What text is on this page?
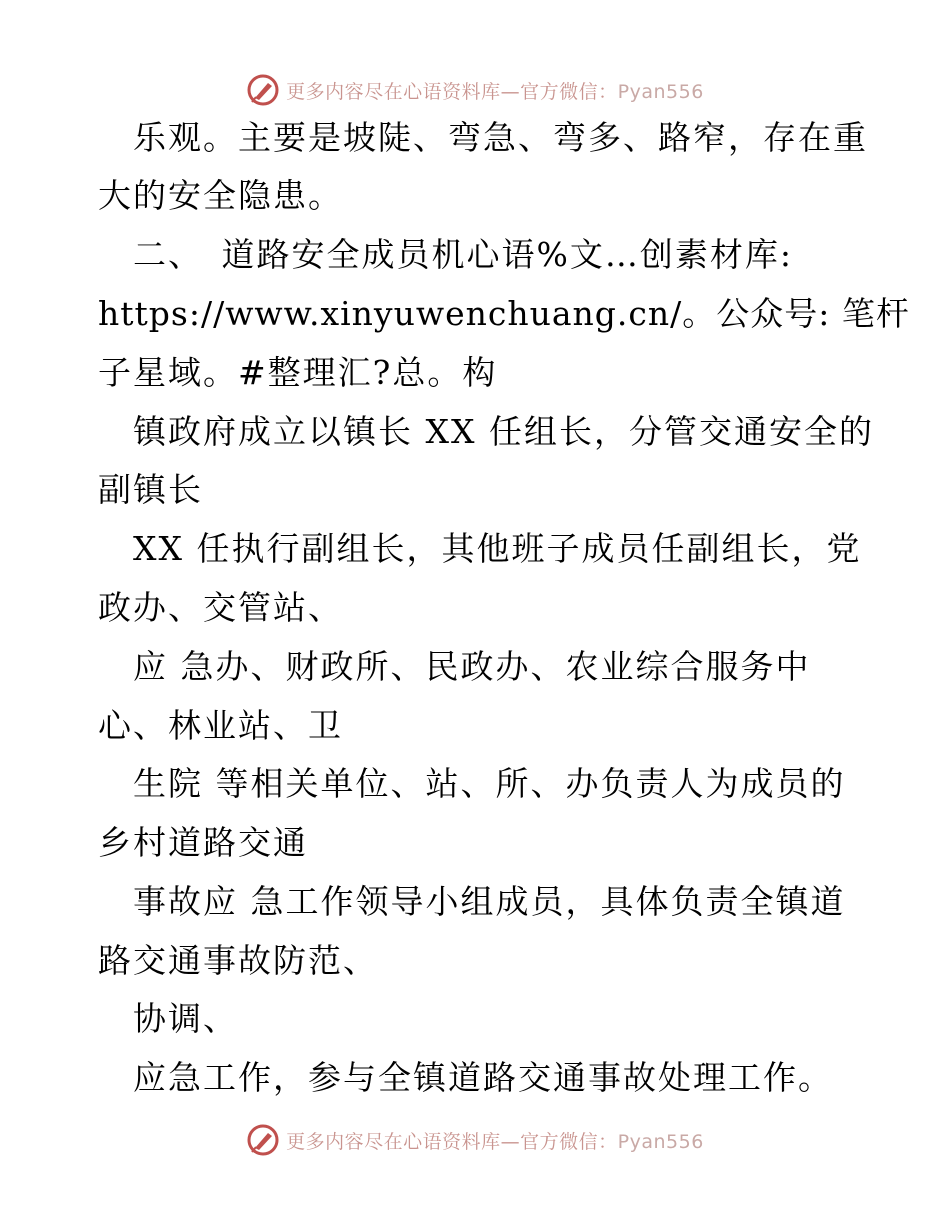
更多内容尽在心语资料库—官方微信：Pyan556
　乐观。主要是坡陡、弯急、弯多、路窄，存在重
大的安全隐患。
　二、　道路安全成员机心语%文…创素材库:
https://www.xinyuwenchuang.cn/。公众号: 笔杆
子星域。#整理汇?总。构
　镇政府成立以镇长 XX 任组长，分管交通安全的
副镇长
　XX 任执行副组长，其他班子成员任副组长，党
政办、交管站、
　应 急办、财政所、民政办、农业综合服务中
心、林业站、卫
　生院 等相关单位、站、所、办负责人为成员的
乡村道路交通
　事故应 急工作领导小组成员，具体负责全镇道
路交通事故防范、
　协调、
　应急工作，参与全镇道路交通事故处理工作。
更多内容尽在心语资料库—官方微信：Pyan556
